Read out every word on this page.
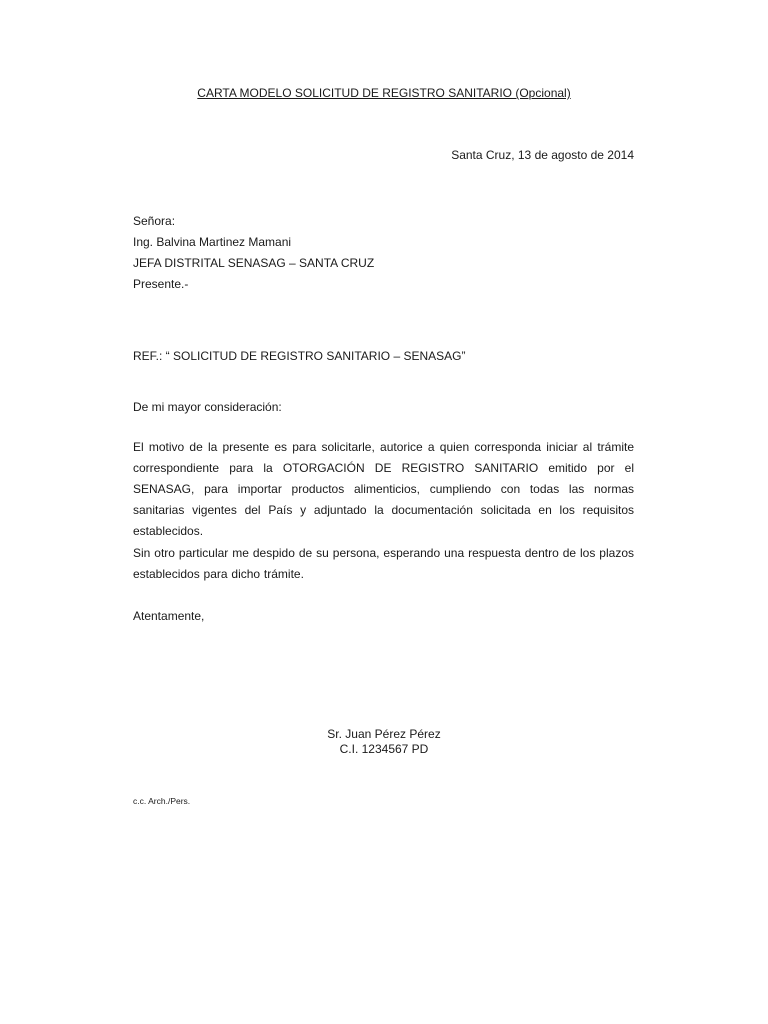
CARTA MODELO SOLICITUD DE REGISTRO SANITARIO (Opcional)

Santa Cruz, 13 de agosto de 2014

Señora:
Ing. Balvina Martinez Mamani
JEFA DISTRITAL SENASAG – SANTA CRUZ
Presente.-

REF.: “ SOLICITUD DE REGISTRO SANITARIO – SENASAG”

De mi mayor consideración:

El motivo de la presente es para solicitarle, autorice a quien corresponda iniciar al trámite correspondiente para la OTORGACIÓN DE REGISTRO SANITARIO emitido por el SENASAG, para importar productos alimenticios, cumpliendo con todas las normas sanitarias vigentes del País y adjuntado la documentación solicitada en los requisitos establecidos.

Sin otro particular me despido de su persona, esperando una respuesta dentro de los plazos establecidos para dicho trámite.

Atentamente,

Sr. Juan Pérez Pérez
C.I. 1234567 PD

c.c. Arch./Pers.
